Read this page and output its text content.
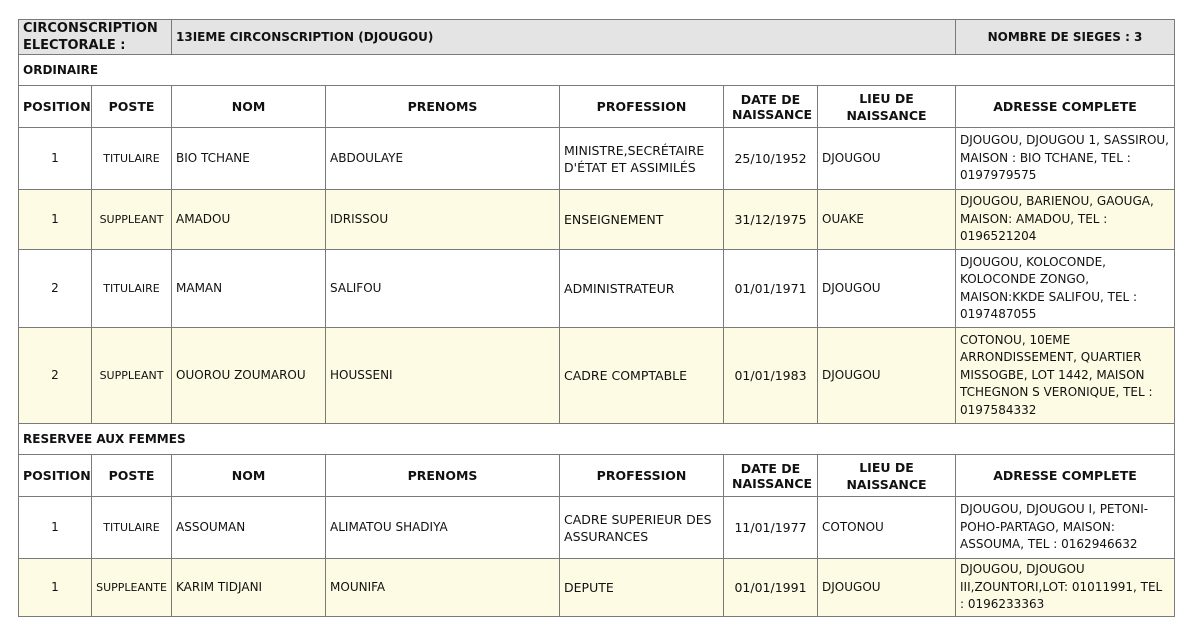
CIRCONSCRIPTION ELECTORALE :		13IEME CIRCONSCRIPTION (DJOUGOU)					NOMBRE DE SIEGES : 3
ORDINAIRE							
POSITION	POSTE	NOM	PRENOMS	PROFESSION	DATE DE NAISSANCE	LIEU DE NAISSANCE	ADRESSE COMPLETE
1	TITULAIRE	BIO TCHANE	ABDOULAYE	MINISTRE,SECRÉTAIRE D'ÉTAT ET ASSIMILÉS	25/10/1952	DJOUGOU	DJOUGOU, DJOUGOU 1, SASSIROU, MAISON : BIO TCHANE, TEL : 0197979575
1	SUPPLEANT	AMADOU	IDRISSOU	ENSEIGNEMENT	31/12/1975	OUAKE	DJOUGOU, BARIENOU, GAOUGA, MAISON: AMADOU, TEL : 0196521204
2	TITULAIRE	MAMAN	SALIFOU	ADMINISTRATEUR	01/01/1971	DJOUGOU	DJOUGOU, KOLOCONDE, KOLOCONDE ZONGO, MAISON:KKDE SALIFOU, TEL : 0197487055
2	SUPPLEANT	OUOROU ZOUMAROU	HOUSSENI	CADRE COMPTABLE	01/01/1983	DJOUGOU	COTONOU, 10EME ARRONDISSEMENT, QUARTIER MISSOGBE, LOT 1442, MAISON TCHEGNON S VERONIQUE, TEL : 0197584332
RESERVEE AUX FEMMES							
POSITION	POSTE	NOM	PRENOMS	PROFESSION	DATE DE NAISSANCE	LIEU DE NAISSANCE	ADRESSE COMPLETE
1	TITULAIRE	ASSOUMAN	ALIMATOU SHADIYA	CADRE SUPERIEUR DES ASSURANCES	11/01/1977	COTONOU	DJOUGOU, DJOUGOU I, PETONI-POHO-PARTAGO, MAISON: ASSOUMA, TEL : 0162946632
1	SUPPLEANTE	KARIM TIDJANI	MOUNIFA	DEPUTE	01/01/1991	DJOUGOU	DJOUGOU, DJOUGOU III,ZOUNTORI,LOT: 01011991, TEL : 0196233363
